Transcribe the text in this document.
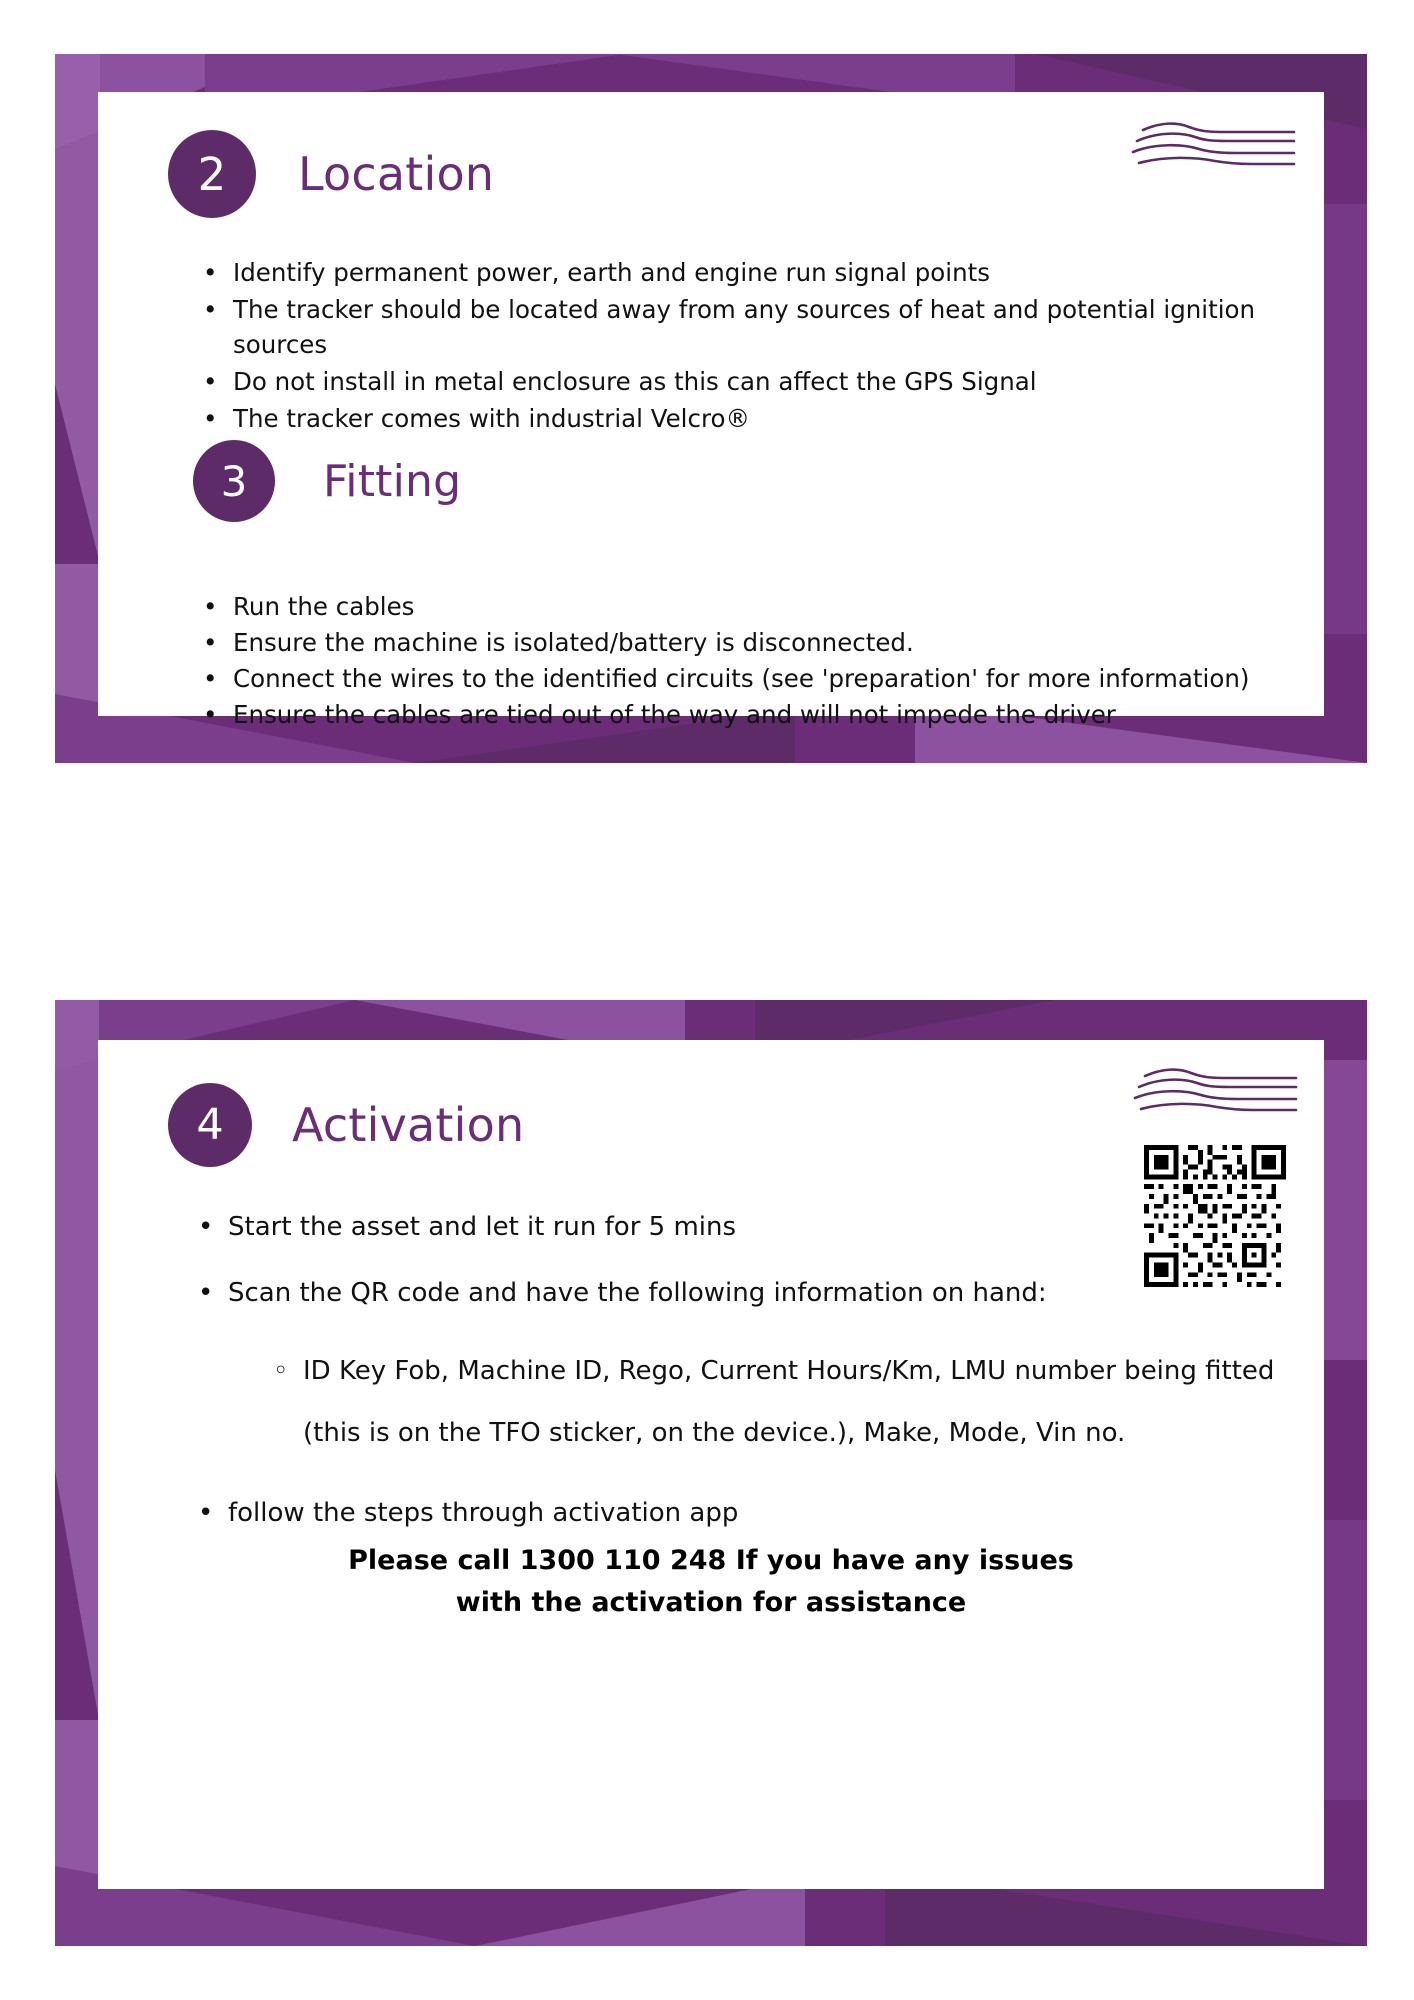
2	Location
• Identify permanent power, earth and engine run signal points
• The tracker should be located away from any sources of heat and potential ignition sources
• Do not install in metal enclosure as this can affect the GPS Signal
• The tracker comes with industrial Velcro®
3	Fitting
• Run the cables
• Ensure the machine is isolated/battery is disconnected.
• Connect the wires to the identified circuits (see 'preparation' for more information)
• Ensure the cables are tied out of the way and will not impede the driver
4	Activation
• Start the asset and let it run for 5 mins
• Scan the QR code and have the following information on hand:
◦ ID Key Fob, Machine ID, Rego, Current Hours/Km, LMU number being fitted (this is on the TFO sticker, on the device.), Make, Mode, Vin no.
• follow the steps through activation app
Please call 1300 110 248 If you have any issues
with the activation for assistance
